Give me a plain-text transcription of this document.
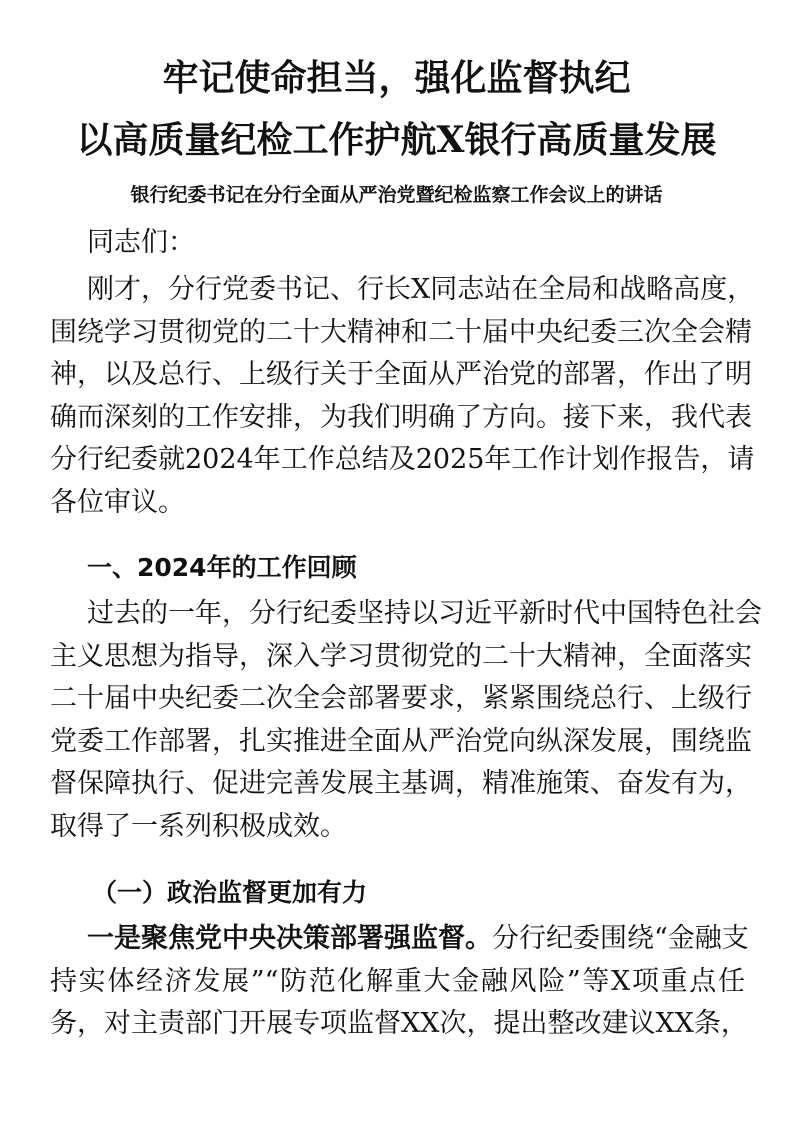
牢记使命担当，强化监督执纪
以高质量纪检工作护航X银行高质量发展
银行纪委书记在分行全面从严治党暨纪检监察工作会议上的讲话
同志们：
刚才，分行党委书记、行长X同志站在全局和战略高度，
围绕学习贯彻党的二十大精神和二十届中央纪委三次全会精
神，以及总行、上级行关于全面从严治党的部署，作出了明
确而深刻的工作安排，为我们明确了方向。接下来，我代表
分行纪委就2024年工作总结及2025年工作计划作报告，请
各位审议。
一、2024年的工作回顾
过去的一年，分行纪委坚持以习近平新时代中国特色社会
主义思想为指导，深入学习贯彻党的二十大精神，全面落实
二十届中央纪委二次全会部署要求，紧紧围绕总行、上级行
党委工作部署，扎实推进全面从严治党向纵深发展，围绕监
督保障执行、促进完善发展主基调，精准施策、奋发有为，
取得了一系列积极成效。
（一）政治监督更加有力
一是聚焦党中央决策部署强监督。分行纪委围绕“金融支
持实体经济发展”“防范化解重大金融风险”等X项重点任
务，对主责部门开展专项监督XX次，提出整改建议XX条，
